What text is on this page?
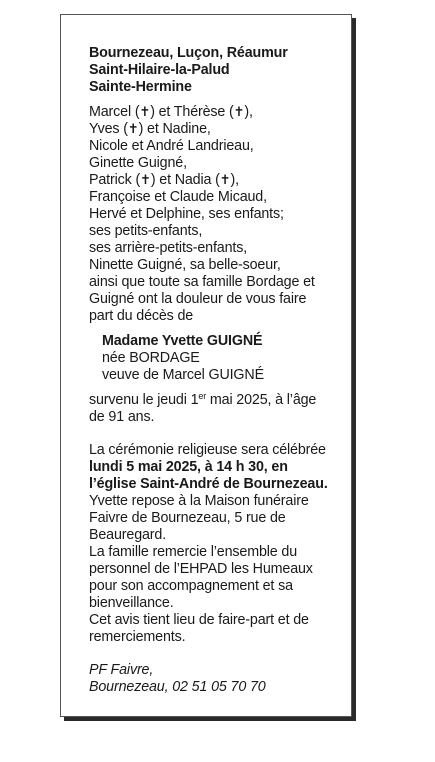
Bournezeau, Luçon, Réaumur
Saint-Hilaire-la-Palud
Sainte-Hermine
Marcel (✝) et Thérèse (✝),
Yves (✝) et Nadine,
Nicole et André Landrieau,
Ginette Guigné,
Patrick (✝) et Nadia (✝),
Françoise et Claude Micaud,
Hervé et Delphine, ses enfants;
ses petits-enfants,
ses arrière-petits-enfants,
Ninette Guigné, sa belle-soeur,
ainsi que toute sa famille Bordage et
Guigné ont la douleur de vous faire
part du décès de
Madame Yvette GUIGNÉ
née BORDAGE
veuve de Marcel GUIGNÉ
survenu le jeudi 1er mai 2025, à l’âge
de 91 ans.
La cérémonie religieuse sera célébrée
lundi 5 mai 2025, à 14 h 30, en
l’église Saint-André de Bournezeau.
Yvette repose à la Maison funéraire
Faivre de Bournezeau, 5 rue de
Beauregard.
La famille remercie l’ensemble du
personnel de l’EHPAD les Humeaux
pour son accompagnement et sa
bienveillance.
Cet avis tient lieu de faire-part et de
remerciements.
PF Faivre,
Bournezeau, 02 51 05 70 70
